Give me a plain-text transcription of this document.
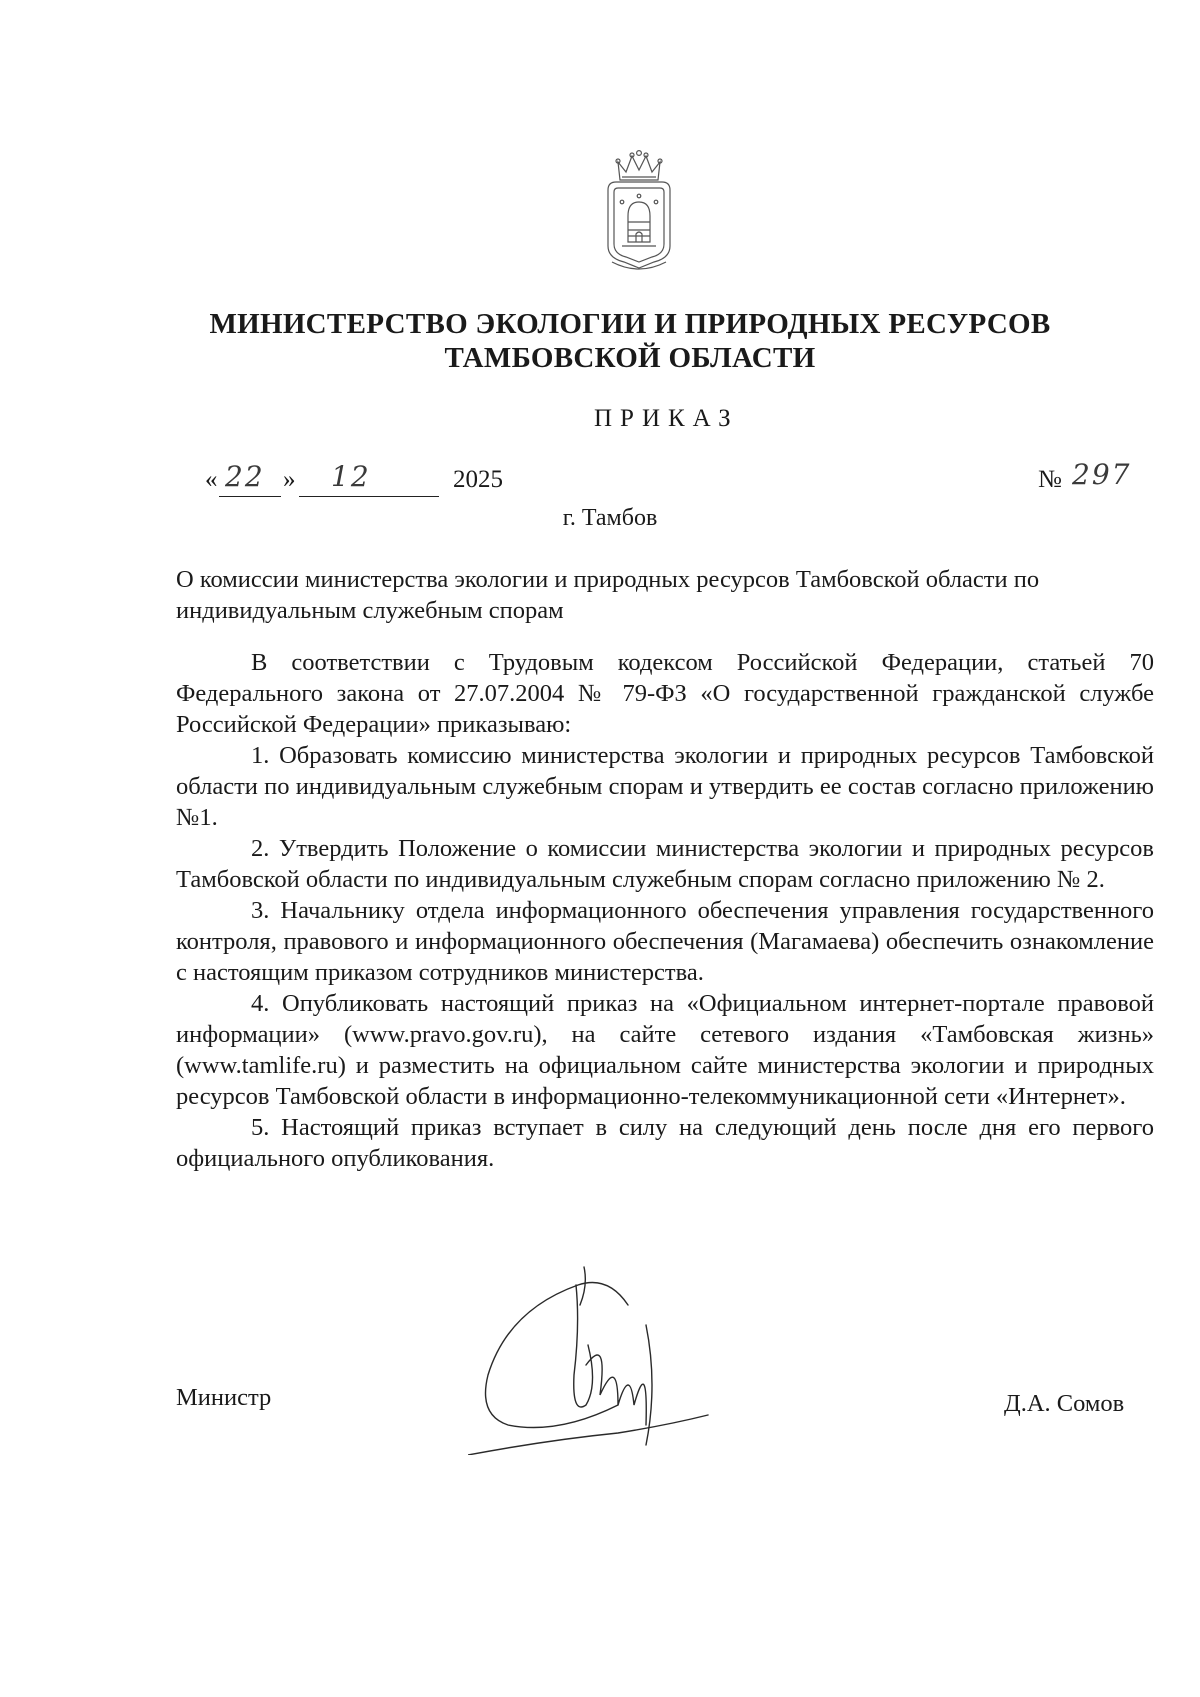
МИНИСТЕРСТВО ЭКОЛОГИИ И ПРИРОДНЫХ РЕСУРСОВ
ТАМБОВСКОЙ ОБЛАСТИ
ПРИКАЗ
« 22 » 12	2025	№ 297
г. Тамбов
О комиссии министерства экологии и природных ресурсов Тамбовской области по индивидуальным служебным спорам

В соответствии с Трудовым кодексом Российской Федерации, статьей 70 Федерального закона от 27.07.2004 № 79-ФЗ «О государственной гражданской службе Российской Федерации» приказываю:

1. Образовать комиссию министерства экологии и природных ресурсов Тамбовской области по индивидуальным служебным спорам и утвердить ее состав согласно приложению №1.

2. Утвердить Положение о комиссии министерства экологии и природных ресурсов Тамбовской области по индивидуальным служебным спорам согласно приложению № 2.

3. Начальнику отдела информационного обеспечения управления государственного контроля, правового и информационного обеспечения (Магамаева) обеспечить ознакомление с настоящим приказом сотрудников министерства.

4. Опубликовать настоящий приказ на «Официальном интернет-портале правовой информации» (www.pravo.gov.ru), на сайте сетевого издания «Тамбовская жизнь» (www.tamlife.ru) и разместить на официальном сайте министерства экологии и природных ресурсов Тамбовской области в информационно-телекоммуникационной сети «Интернет».

5. Настоящий приказ вступает в силу на следующий день после дня его первого официального опубликования.

Министр	Д.А. Сомов
